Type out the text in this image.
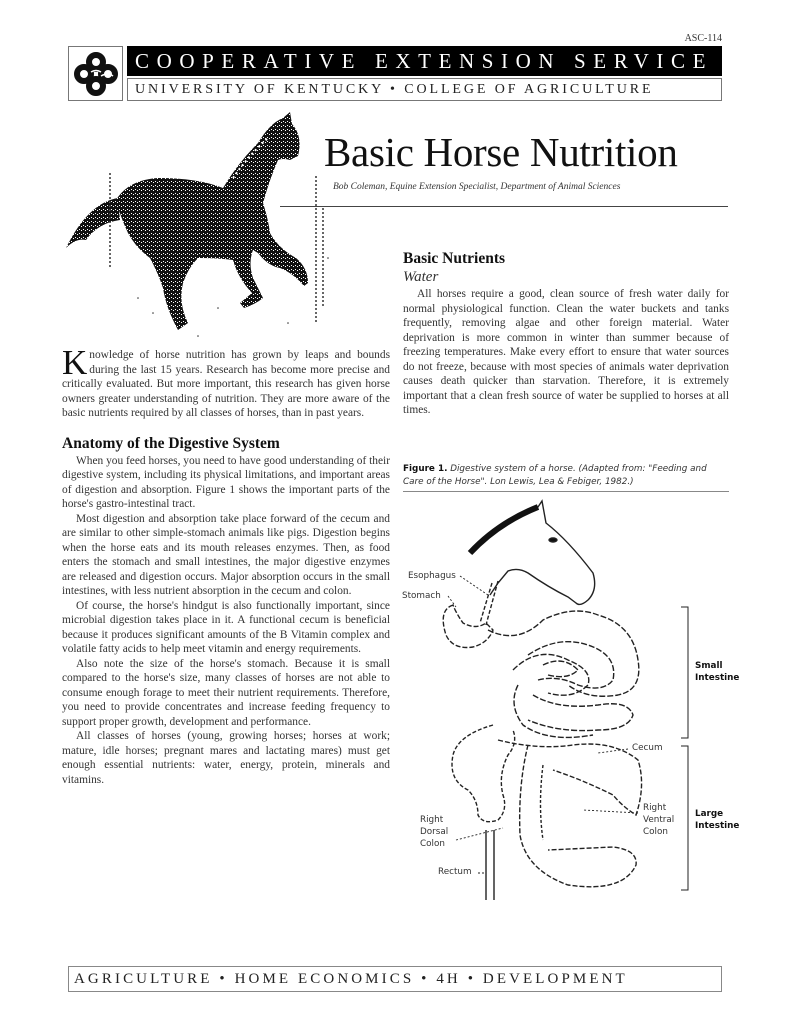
ASC-114
COOPERATIVE EXTENSION SERVICE
UNIVERSITY OF KENTUCKY • COLLEGE OF AGRICULTURE
Basic Horse Nutrition
Bob Coleman, Equine Extension Specialist, Department of Animal Sciences

Knowledge of horse nutrition has grown by leaps and bounds during the last 15 years. Research has become more precise and critically evaluated. But more important, this research has given horse owners greater understanding of nutrition. They are more aware of the basic nutrients required by all classes of horses, than in past years.

Anatomy of the Digestive System

When you feed horses, you need to have good understanding of their digestive system, including its physical limitations, and important areas of digestion and absorption. Figure 1 shows the important parts of the horse's gastro-intestinal tract.

Most digestion and absorption take place forward of the cecum and are similar to other simple-stomach animals like pigs. Digestion begins when the horse eats and its mouth releases enzymes. Then, as food enters the stomach and small intestines, the major digestive enzymes are released and digestion occurs. Major absorption occurs in the small intestines, with less nutrient absorption in the cecum and colon.

Of course, the horse's hindgut is also functionally important, since microbial digestion takes place in it. A functional cecum is beneficial because it produces significant amounts of the B Vitamin complex and volatile fatty acids to help meet vitamin and energy requirements.

Also note the size of the horse's stomach. Because it is small compared to the horse's size, many classes of horses are not able to consume enough forage to meet their nutrient requirements. Therefore, you need to provide concentrates and increase feeding frequency to support proper growth, development and performance.

All classes of horses (young, growing horses; horses at work; mature, idle horses; pregnant mares and lactating mares) must get enough essential nutrients: water, energy, protein, minerals and vitamins.

Basic Nutrients
Water

All horses require a good, clean source of fresh water daily for normal physiological function. Clean the water buckets and tanks frequently, removing algae and other foreign material. Water deprivation is more common in winter than summer because of freezing temperatures. Make every effort to ensure that water sources do not freeze, because with most species of animals water deprivation causes death quicker than starvation. Therefore, it is extremely important that a clean fresh source of water be supplied to horses at all times.

Figure 1. Digestive system of a horse. (Adapted from: "Feeding and Care of the Horse". Lon Lewis, Lea & Febiger, 1982.)
Esophagus
Stomach
Small
Intestine
Cecum
Right
Ventral
Colon
Large
Intestine
Right
Dorsal
Colon
Rectum
AGRICULTURE • HOME ECONOMICS • 4H • DEVELOPMENT
